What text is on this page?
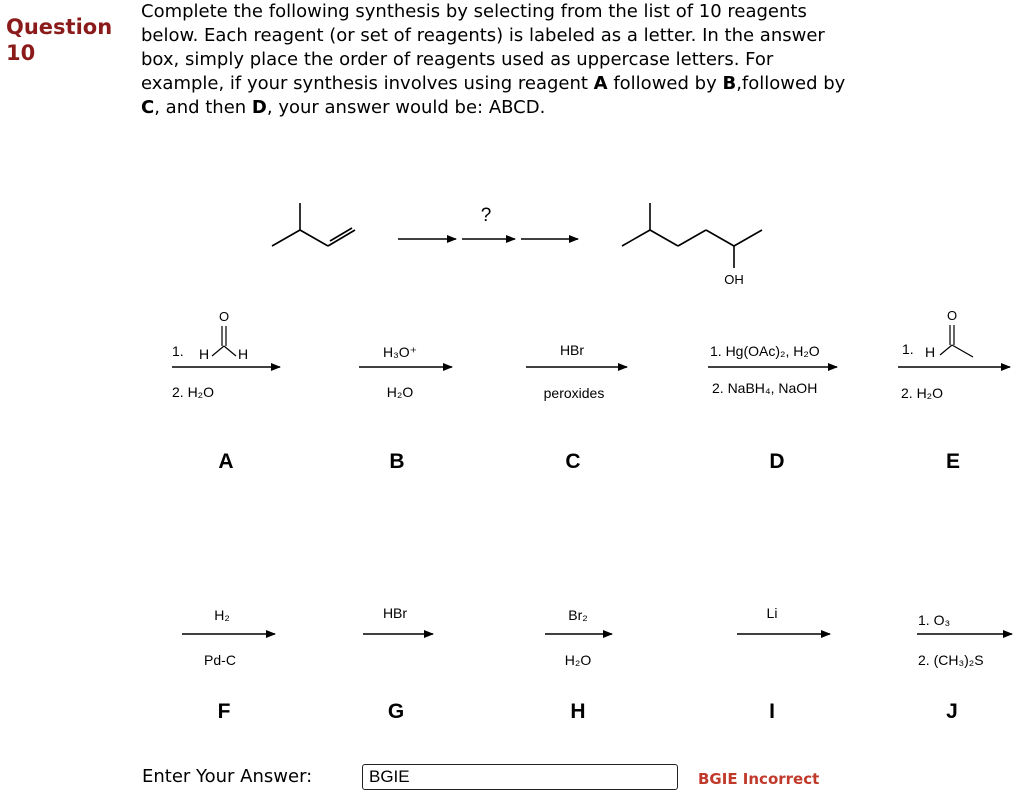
Question
10
Complete the following synthesis by selecting from the list of 10 reagents below. Each reagent (or set of reagents) is labeled as a letter. In the answer box, simply place the order of reagents used as uppercase letters. For example, if your synthesis involves using reagent A followed by B,followed by C, and then D, your answer would be: ABCD.
?
OH
O
1. H H
2. H₂O
A
H₃O⁺
H₂O
B
HBr
peroxides
C
1. Hg(OAc)₂, H₂O
2. NaBH₄, NaOH
D
O
1. H
2. H₂O
E
H₂
Pd-C
F
HBr
G
Br₂
H₂O
H
Li
I
1. O₃
2. (CH₃)₂S
J
Enter Your Answer:	BGIE	BGIE Incorrect
